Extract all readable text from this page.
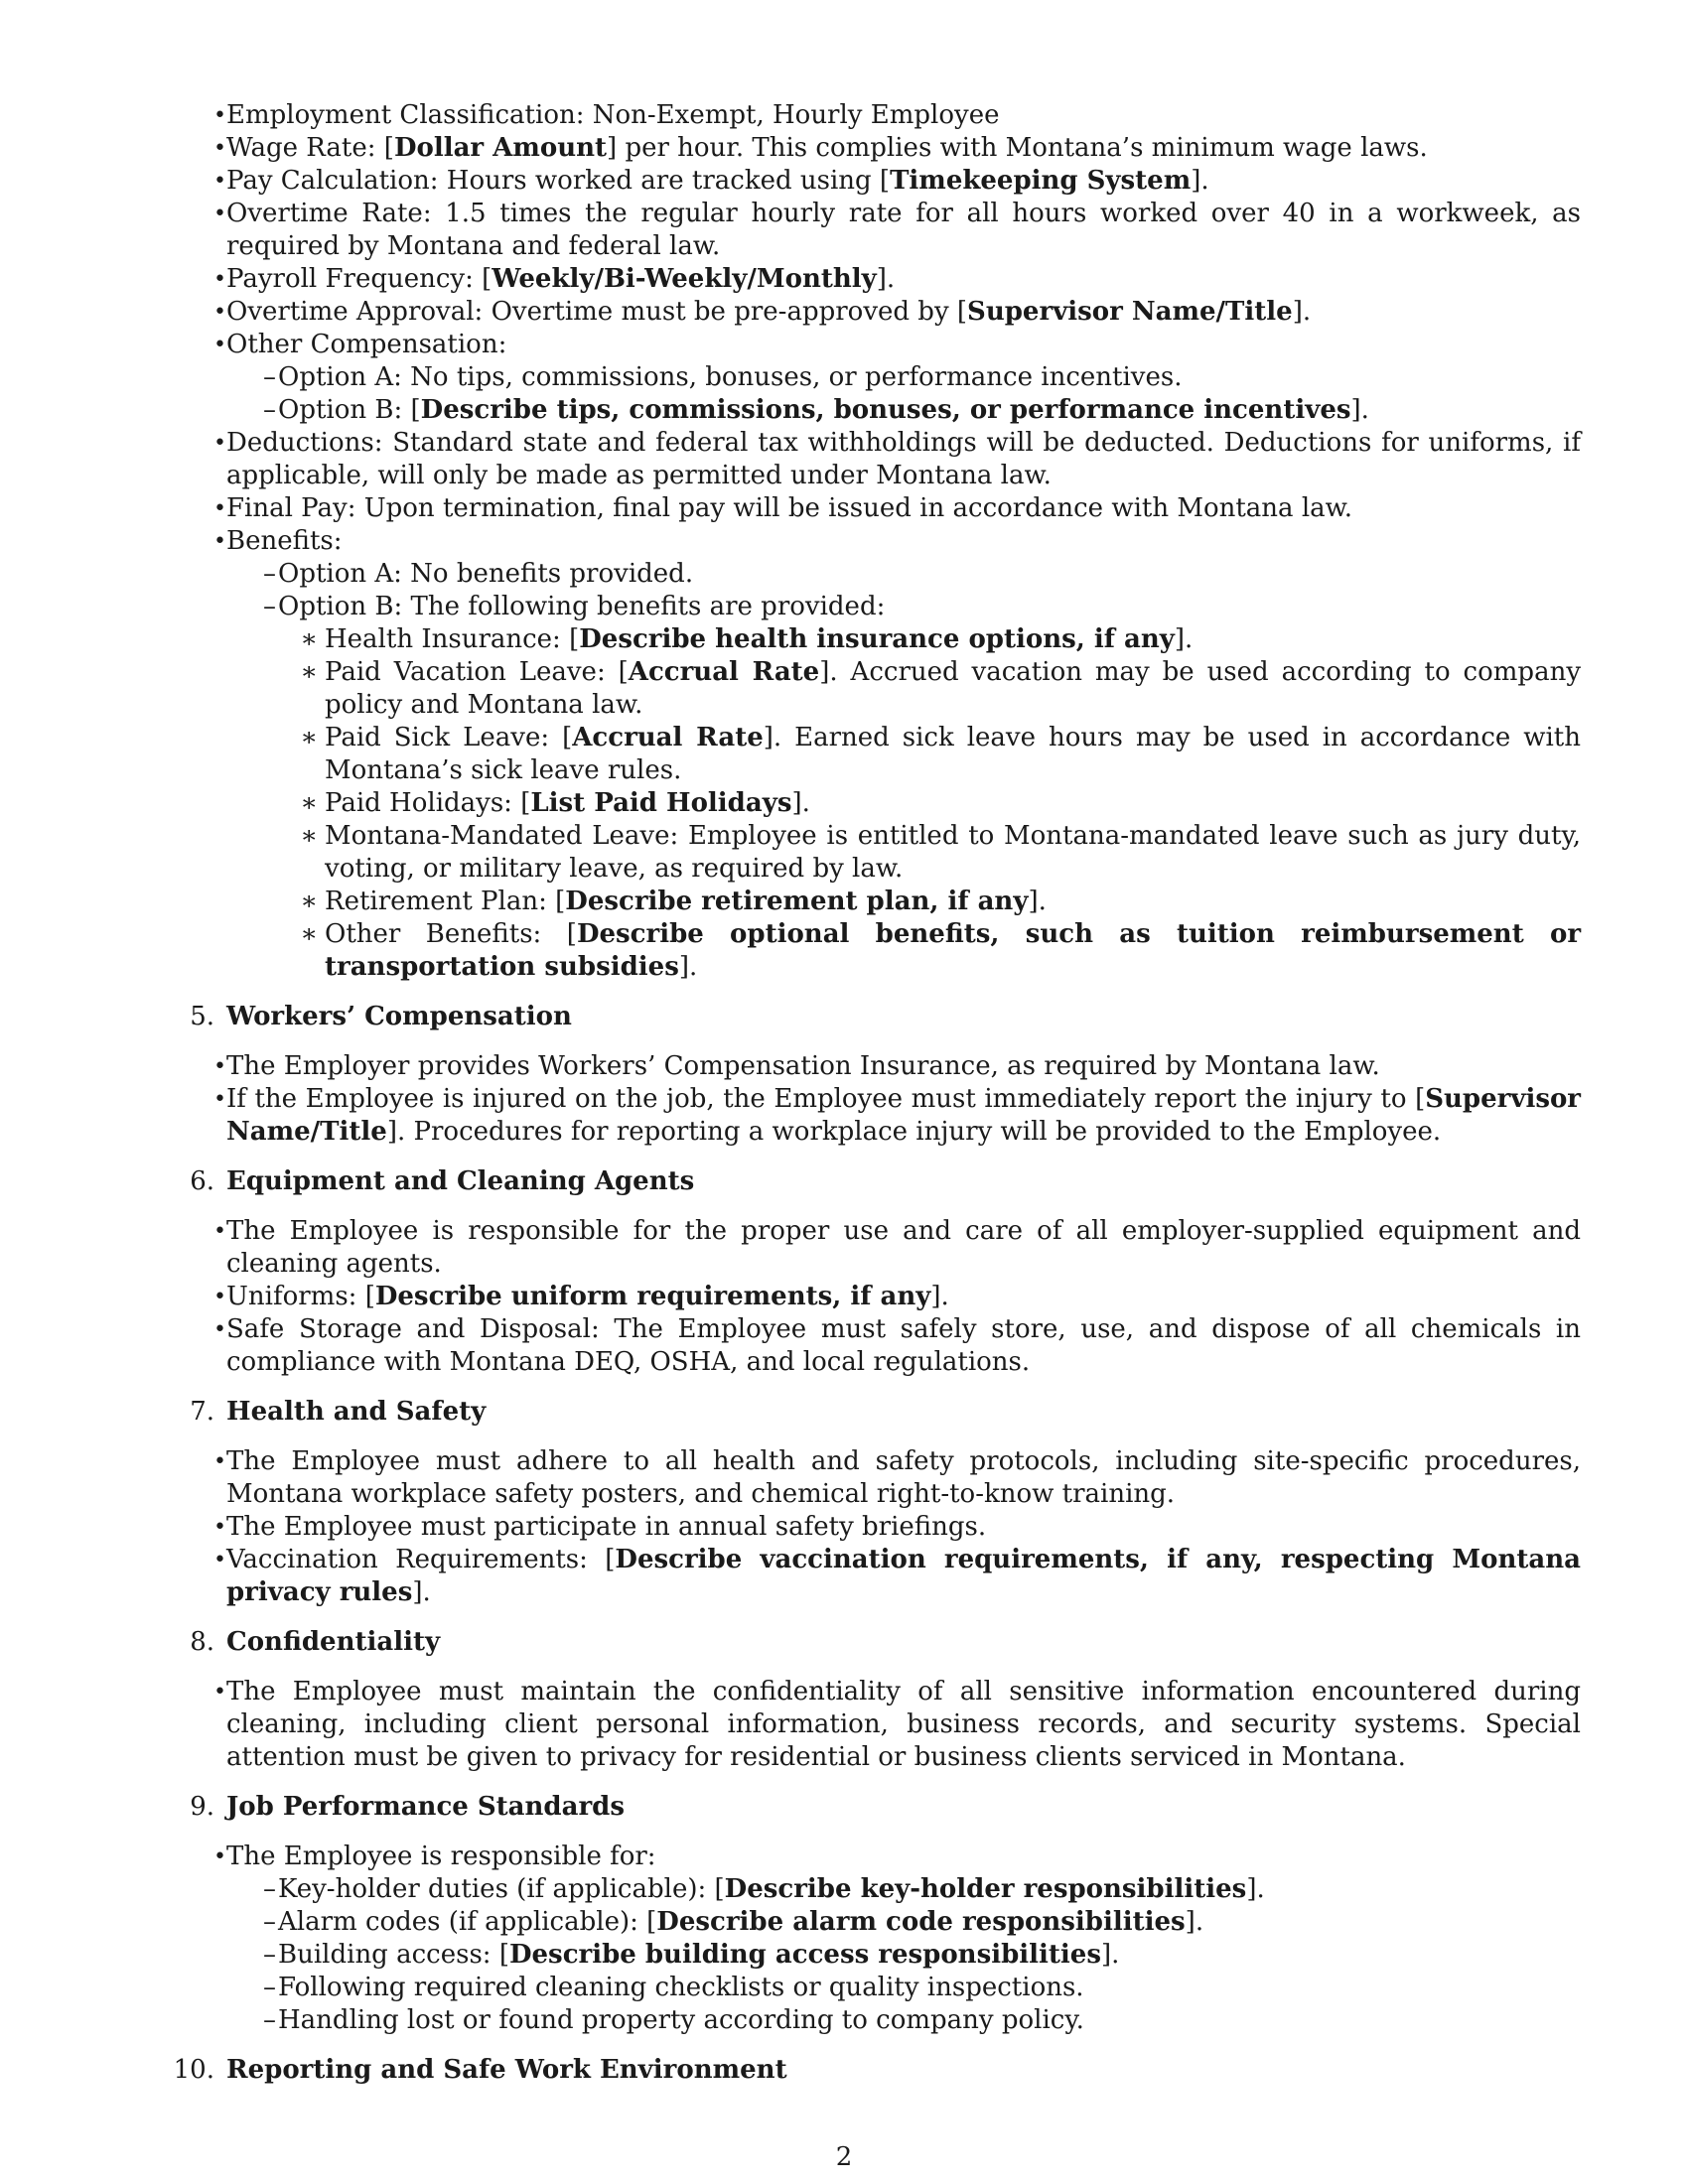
• Employment Classification: Non-Exempt, Hourly Employee
• Wage Rate: [Dollar Amount] per hour. This complies with Montana’s minimum wage laws.
• Pay Calculation: Hours worked are tracked using [Timekeeping System].
• Overtime Rate: 1.5 times the regular hourly rate for all hours worked over 40 in a workweek, as required by Montana and federal law.
• Payroll Frequency: [Weekly/Bi-Weekly/Monthly].
• Overtime Approval: Overtime must be pre-approved by [Supervisor Name/Title].
• Other Compensation:
– Option A: No tips, commissions, bonuses, or performance incentives.
– Option B: [Describe tips, commissions, bonuses, or performance incentives].
• Deductions: Standard state and federal tax withholdings will be deducted. Deductions for uniforms, if applicable, will only be made as permitted under Montana law.
• Final Pay: Upon termination, final pay will be issued in accordance with Montana law.
• Benefits:
– Option A: No benefits provided.
– Option B: The following benefits are provided:
∗ Health Insurance: [Describe health insurance options, if any].
∗ Paid Vacation Leave: [Accrual Rate]. Accrued vacation may be used according to company policy and Montana law.
∗ Paid Sick Leave: [Accrual Rate]. Earned sick leave hours may be used in accordance with Montana’s sick leave rules.
∗ Paid Holidays: [List Paid Holidays].
∗ Montana-Mandated Leave: Employee is entitled to Montana-mandated leave such as jury duty, voting, or military leave, as required by law.
∗ Retirement Plan: [Describe retirement plan, if any].
∗ Other Benefits: [Describe optional benefits, such as tuition reimbursement or transportation subsidies].
5. Workers’ Compensation
• The Employer provides Workers’ Compensation Insurance, as required by Montana law.
• If the Employee is injured on the job, the Employee must immediately report the injury to [Supervisor Name/Title]. Procedures for reporting a workplace injury will be provided to the Employee.
6. Equipment and Cleaning Agents
• The Employee is responsible for the proper use and care of all employer-supplied equipment and cleaning agents.
• Uniforms: [Describe uniform requirements, if any].
• Safe Storage and Disposal: The Employee must safely store, use, and dispose of all chemicals in compliance with Montana DEQ, OSHA, and local regulations.
7. Health and Safety
• The Employee must adhere to all health and safety protocols, including site-specific procedures, Montana workplace safety posters, and chemical right-to-know training.
• The Employee must participate in annual safety briefings.
• Vaccination Requirements: [Describe vaccination requirements, if any, respecting Montana privacy rules].
8. Confidentiality
• The Employee must maintain the confidentiality of all sensitive information encountered during cleaning, including client personal information, business records, and security systems. Special attention must be given to privacy for residential or business clients serviced in Montana.
9. Job Performance Standards
• The Employee is responsible for:
– Key-holder duties (if applicable): [Describe key-holder responsibilities].
– Alarm codes (if applicable): [Describe alarm code responsibilities].
– Building access: [Describe building access responsibilities].
– Following required cleaning checklists or quality inspections.
– Handling lost or found property according to company policy.
10. Reporting and Safe Work Environment
2
